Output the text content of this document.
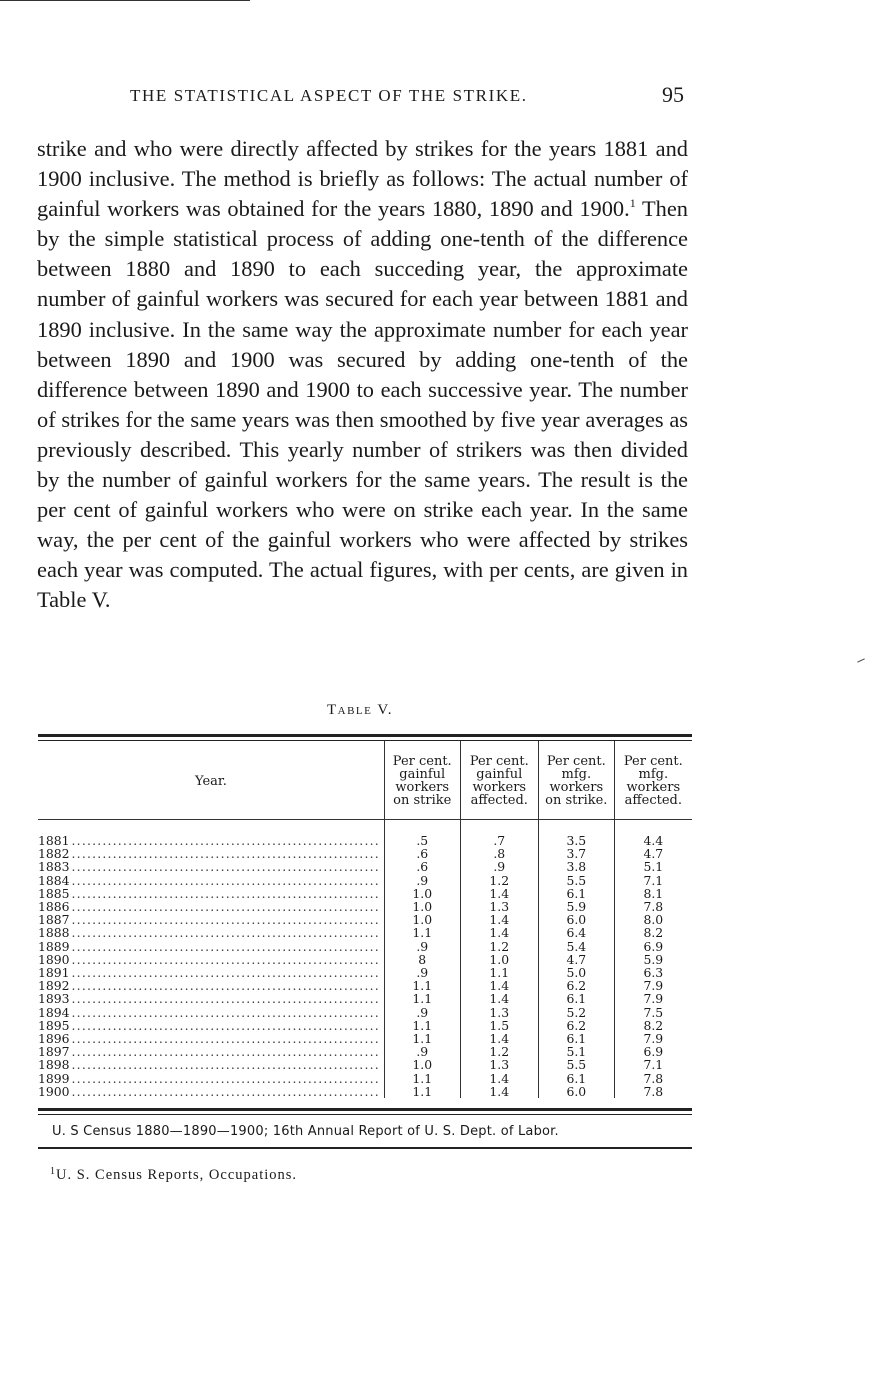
THE STATISTICAL ASPECT OF THE STRIKE.	95

strike and who were directly affected by strikes for the years 1881 and 1900 inclusive. The method is briefly as follows: The actual number of gainful workers was obtained for the years 1880, 1890 and 1900.$^1$ Then by the simple statistical process of adding one-tenth of the difference between 1880 and 1890 to each succeding year, the approximate number of gainful workers was secured for each year between 1881 and 1890 inclusive. In the same way the approximate number for each year between 1890 and 1900 was secured by adding one-tenth of the difference between 1890 and 1900 to each successive year. The number of strikes for the same years was then smoothed by five year averages as previously described. This yearly number of strikers was then divided by the number of gainful workers for the same years. The result is the per cent of gainful workers who were on strike each year. In the same way, the per cent of the gainful workers who were affected by strikes each year was computed. The actual figures, with per cents, are given in Table V.

Table V.
Year.	Per cent. gainful workers on strike	Per cent. gainful workers affected.	Per cent. mfg. workers on strike.	Per cent. mfg. workers affected.

1881 ............................................................	.5	.7	3.5	4.4

1882 ............................................................	.6	.8	3.7	4.7

1883 ............................................................	.6	.9	3.8	5.1

1884 ............................................................	.9	1.2	5.5	7.1

1885 ............................................................	1.0	1.4	6.1	8.1

1886 ............................................................	1.0	1.3	5.9	7.8

1887 ............................................................	1.0	1.4	6.0	8.0

1888 ............................................................	1.1	1.4	6.4	8.2

1889 ............................................................	.9	1.2	5.4	6.9

1890 ............................................................	8	1.0	4.7	5.9

1891 ............................................................	.9	1.1	5.0	6.3

1892 ............................................................	1.1	1.4	6.2	7.9

1893 ............................................................	1.1	1.4	6.1	7.9

1894 ............................................................	.9	1.3	5.2	7.5

1895 ............................................................	1.1	1.5	6.2	8.2

1896 ............................................................	1.1	1.4	6.1	7.9

1897 ............................................................	.9	1.2	5.1	6.9

1898 ............................................................	1.0	1.3	5.5	7.1

1899 ............................................................	1.1	1.4	6.1	7.8

1900 ............................................................	1.1	1.4	6.0	7.8
U. S Census 1880—1890—1900; 16th Annual Report of U. S. Dept. of Labor.
$^1$U. S. Census Reports, Occupations.
